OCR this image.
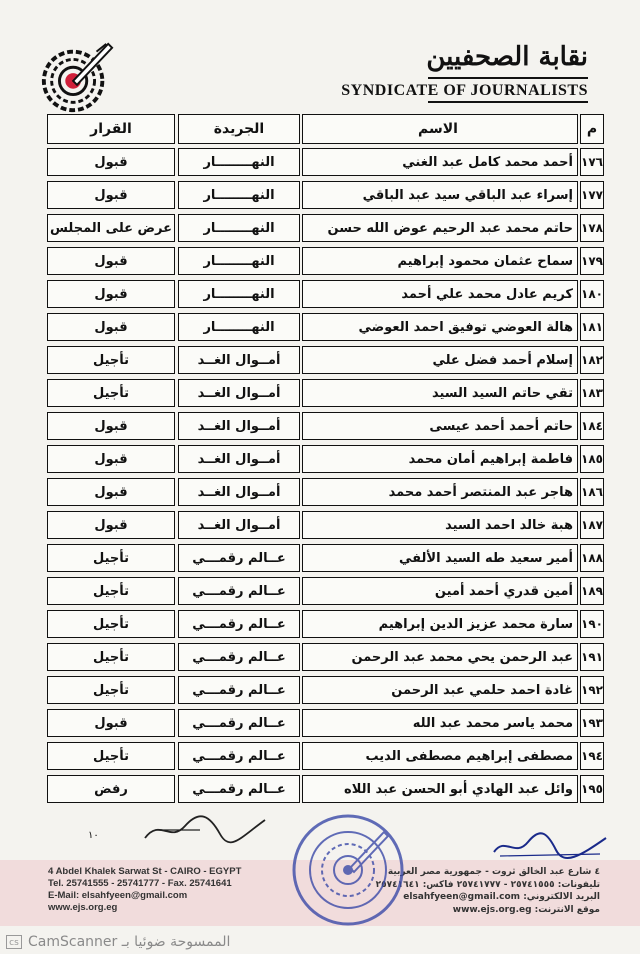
نقابة الصحفيين
SYNDICATE OF JOURNALISTS
م
الاسم
الجريدة
القرار
١٧٦
أحمد محمد كامل عبد الغني
النهــــــــار
قبول
١٧٧
إسراء عبد الباقي سيد عبد الباقي
النهــــــــار
قبول
١٧٨
حاتم محمد عبد الرحيم عوض الله حسن
النهــــــــار
عرض على المجلس
١٧٩
سماح عثمان محمود إبراهيم
النهــــــــار
قبول
١٨٠
كريم عادل محمد علي أحمد
النهــــــــار
قبول
١٨١
هالة العوضي توفيق احمد العوضي
النهــــــــار
قبول
١٨٢
إسلام أحمد فضل علي
أمــوال الغــد
تأجيل
١٨٣
تقي حاتم السيد السيد
أمــوال الغــد
تأجيل
١٨٤
حاتم أحمد أحمد عيسى
أمــوال الغــد
قبول
١٨٥
فاطمة إبراهيم أمان محمد
أمــوال الغــد
قبول
١٨٦
هاجر عبد المنتصر أحمد محمد
أمــوال الغــد
قبول
١٨٧
هبة خالد احمد السيد
أمــوال الغــد
قبول
١٨٨
أمير سعيد طه السيد الألفي
عــالم رقمـــي
تأجيل
١٨٩
أمين قدري أحمد أمين
عــالم رقمـــي
تأجيل
١٩٠
سارة محمد عزيز الدين إبراهيم
عــالم رقمـــي
تأجيل
١٩١
عبد الرحمن يحي محمد عبد الرحمن
عــالم رقمـــي
تأجيل
١٩٢
غادة احمد حلمي عبد الرحمن
عــالم رقمـــي
تأجيل
١٩٣
محمد ياسر محمد عبد الله
عــالم رقمـــي
قبول
١٩٤
مصطفى إبراهيم مصطفى الديب
عــالم رقمـــي
تأجيل
١٩٥
وائل عبد الهادي أبو الحسن عبد اللاه
عــالم رقمـــي
رفض
١٠
4 Abdel Khalek Sarwat St - CAIRO - EGYPT
Tel. 25741555 - 25741777 - Fax. 25741641
E-Mail: elsahfyeen@gmail.com
www.ejs.org.eg
٤ شارع عبد الخالق ثروت - جمهورية مصر العربية
تليفونات: ٢٥٧٤١٥٥٥ - ٢٥٧٤١٧٧٧ فاكس: ٢٥٧٤١٦٤١
البريد الالكتروني: elsahfyeen@gmail.com
موقع الانترنت: www.ejs.org.eg
cs الممسوحة ضوئيا بـ CamScanner
